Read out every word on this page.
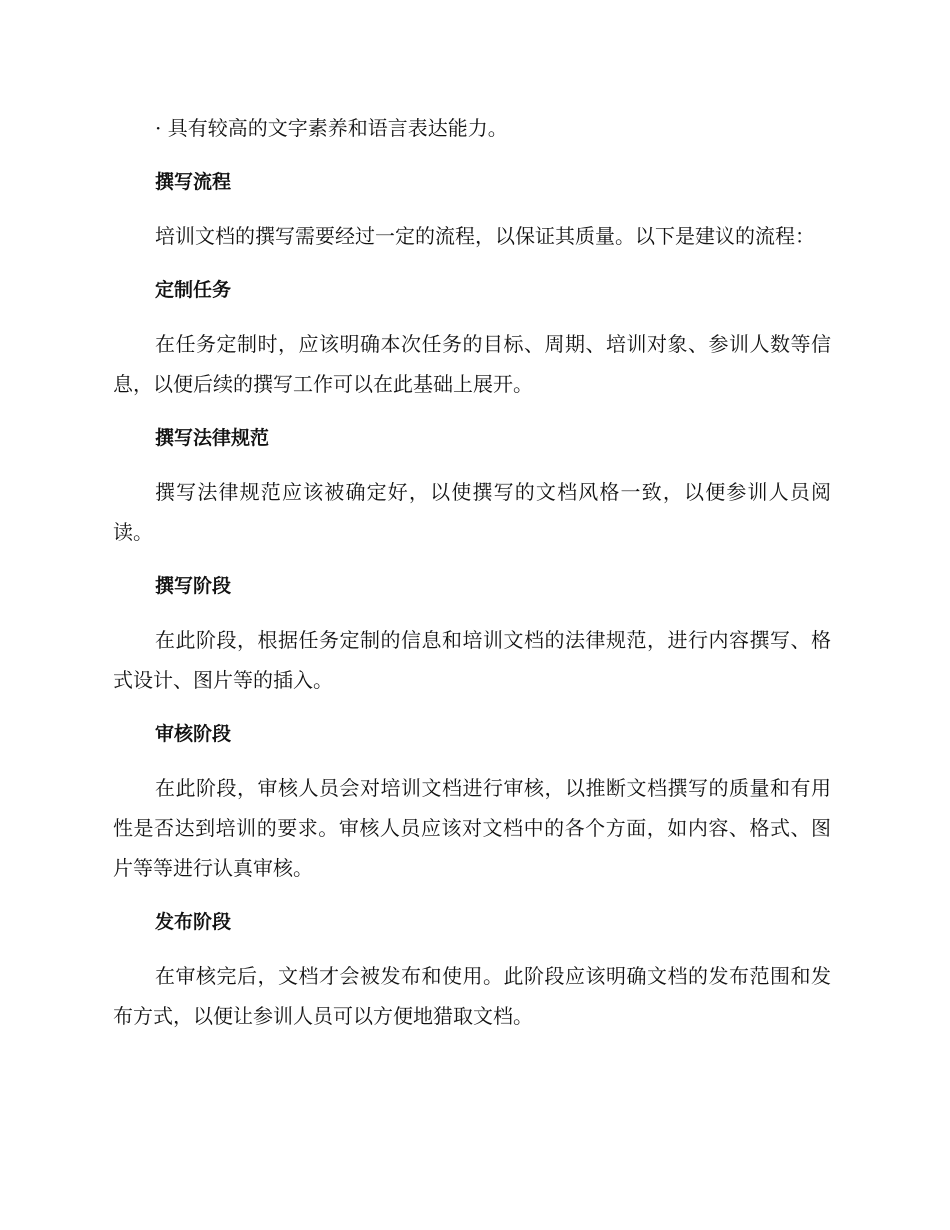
· 具有较高的文字素养和语言表达能力。

撰写流程

培训文档的撰写需要经过一定的流程，以保证其质量。以下是建议的流程：

定制任务

在任务定制时，应该明确本次任务的目标、周期、培训对象、参训人数等信息，以便后续的撰写工作可以在此基础上展开。

撰写法律规范

撰写法律规范应该被确定好，以使撰写的文档风格一致，以便参训人员阅读。

撰写阶段

在此阶段，根据任务定制的信息和培训文档的法律规范，进行内容撰写、格式设计、图片等的插入。

审核阶段

在此阶段，审核人员会对培训文档进行审核，以推断文档撰写的质量和有用性是否达到培训的要求。审核人员应该对文档中的各个方面，如内容、格式、图片等等进行认真审核。

发布阶段

在审核完后，文档才会被发布和使用。此阶段应该明确文档的发布范围和发布方式，以便让参训人员可以方便地猎取文档。
